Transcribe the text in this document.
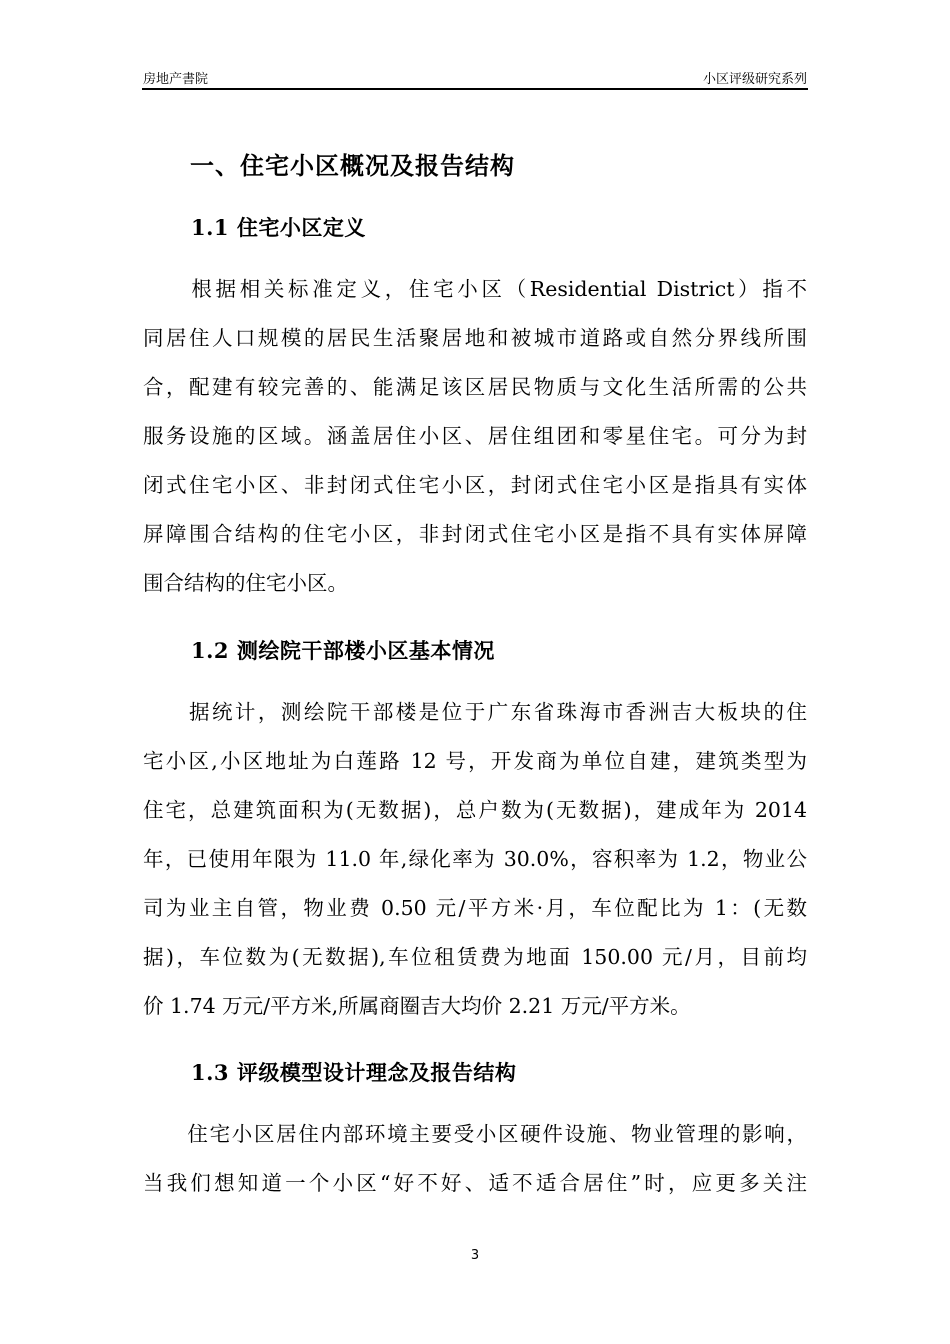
房地产書院	小区评级研究系列
一、住宅小区概况及报告结构
1.1 住宅小区定义
　　根据相关标准定义，住宅小区（Residential District）指不
同居住人口规模的居民生活聚居地和被城市道路或自然分界线所围
合，配建有较完善的、能满足该区居民物质与文化生活所需的公共
服务设施的区域。涵盖居住小区、居住组团和零星住宅。可分为封
闭式住宅小区、非封闭式住宅小区，封闭式住宅小区是指具有实体
屏障围合结构的住宅小区，非封闭式住宅小区是指不具有实体屏障
围合结构的住宅小区。
1.2 测绘院干部楼小区基本情况
　　据统计，测绘院干部楼是位于广东省珠海市香洲吉大板块的住
宅小区,小区地址为白莲路 12 号，开发商为单位自建，建筑类型为
住宅，总建筑面积为(无数据)，总户数为(无数据)，建成年为 2014
年，已使用年限为 11.0 年,绿化率为 30.0%，容积率为 1.2，物业公
司为业主自管，物业费 0.50 元/平方米·月，车位配比为 1：(无数
据)，车位数为(无数据),车位租赁费为地面 150.00 元/月，目前均
价 1.74 万元/平方米,所属商圈吉大均价 2.21 万元/平方米。
1.3 评级模型设计理念及报告结构
　　住宅小区居住内部环境主要受小区硬件设施、物业管理的影响，
当我们想知道一个小区“好不好、适不适合居住”时，应更多关注
3
